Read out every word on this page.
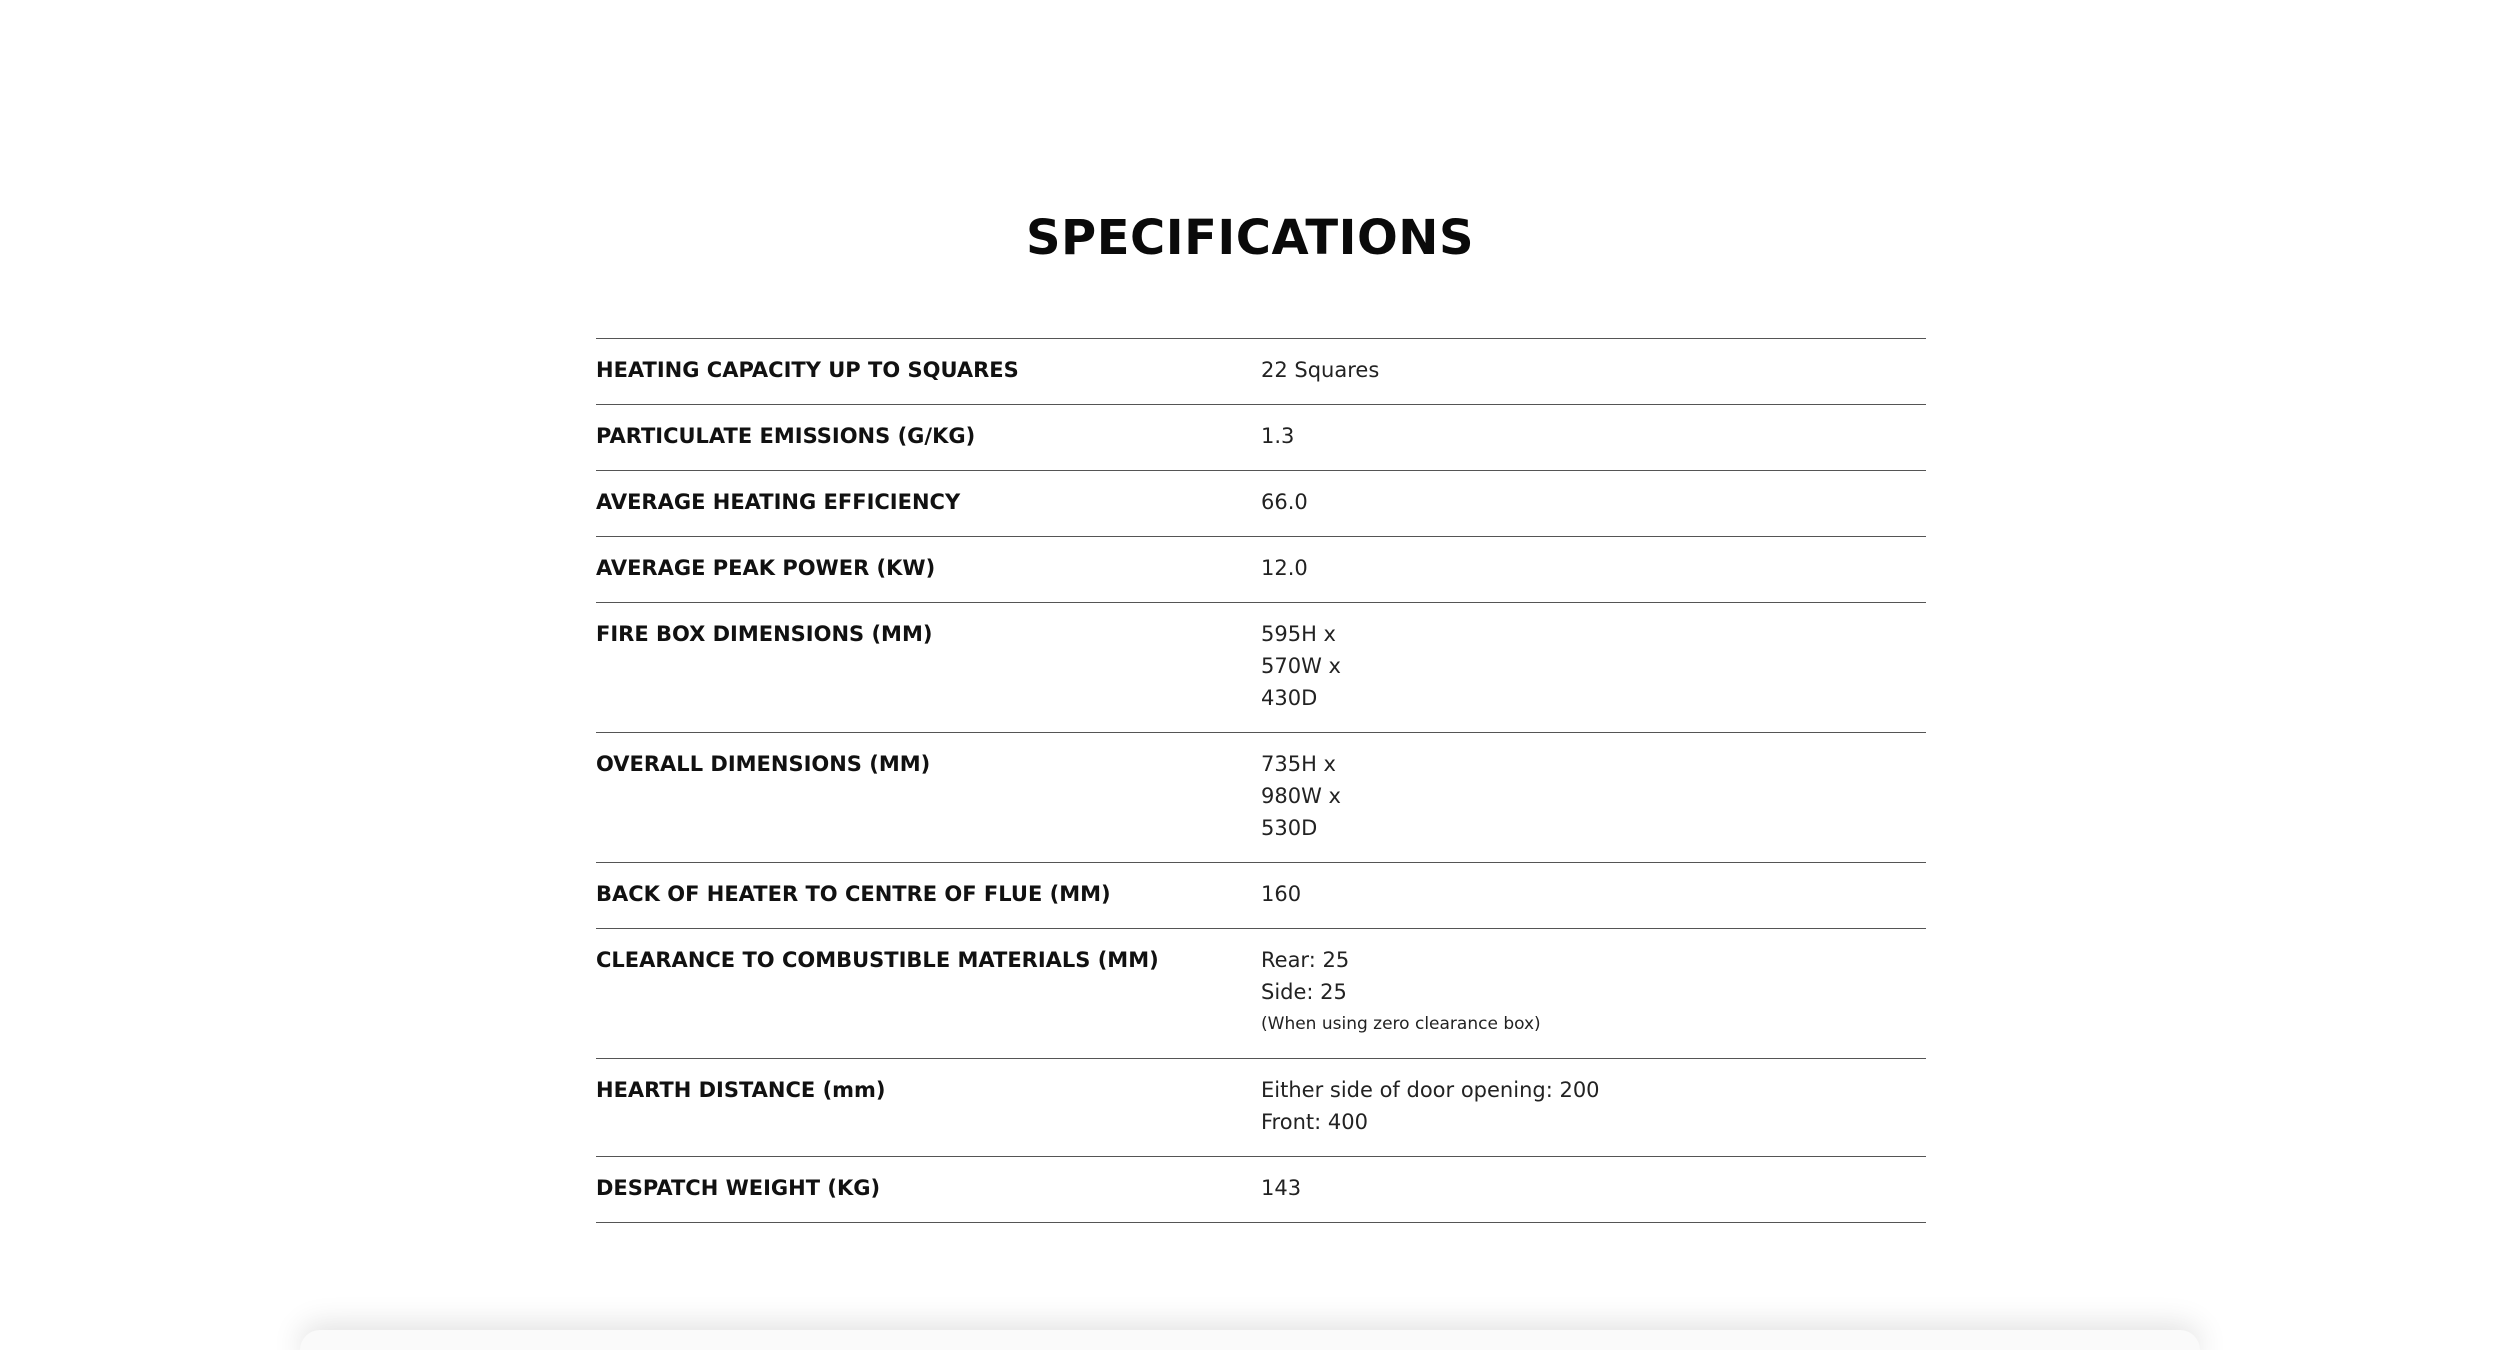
SPECIFICATIONS
HEATING CAPACITY UP TO SQUARES	22 Squares
PARTICULATE EMISSIONS (G/KG)	1.3
AVERAGE HEATING EFFICIENCY	66.0
AVERAGE PEAK POWER (KW)	12.0
FIRE BOX DIMENSIONS (MM)	595H x
570W x
430D
OVERALL DIMENSIONS (MM)	735H x
980W x
530D
BACK OF HEATER TO CENTRE OF FLUE (MM)	160
CLEARANCE TO COMBUSTIBLE MATERIALS (MM)	Rear: 25
Side: 25
(When using zero clearance box)
HEARTH DISTANCE (mm)	Either side of door opening: 200
Front: 400
DESPATCH WEIGHT (KG)	143
